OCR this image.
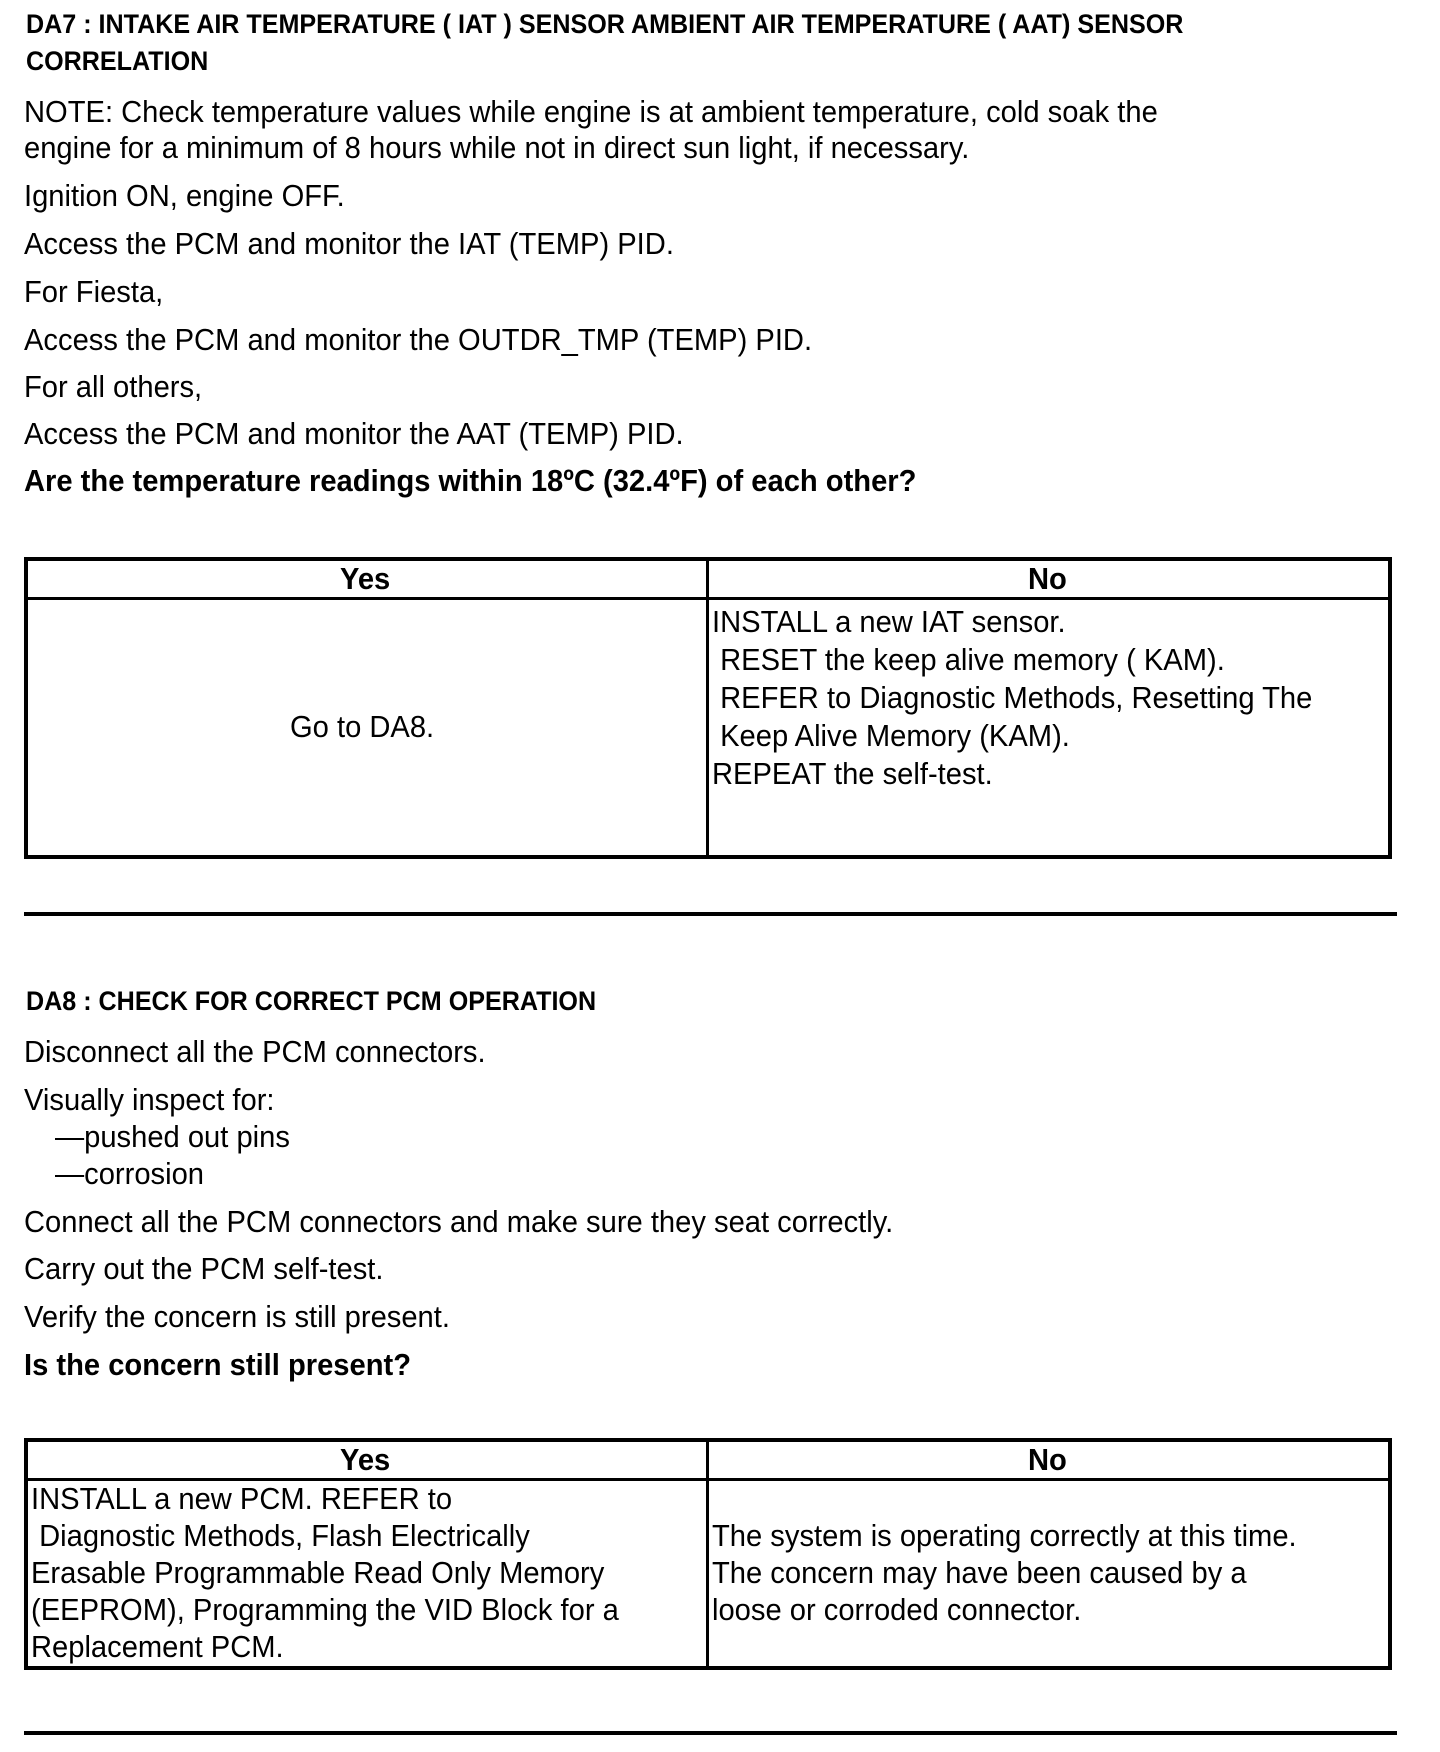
DA7 : INTAKE AIR TEMPERATURE ( IAT ) SENSOR AMBIENT AIR TEMPERATURE ( AAT) SENSOR
CORRELATION
NOTE: Check temperature values while engine is at ambient temperature, cold soak the
engine for a minimum of 8 hours while not in direct sun light, if necessary.
Ignition ON, engine OFF.
Access the PCM and monitor the IAT (TEMP) PID.
For Fiesta,
Access the PCM and monitor the OUTDR_TMP (TEMP) PID.
For all others,
Access the PCM and monitor the AAT (TEMP) PID.
Are the temperature readings within 18ºC (32.4ºF) of each other?
Yes	No
Go to DA8.	INSTALL a new IAT sensor.  RESET the keep alive memory ( KAM).  REFER to Diagnostic Methods, Resetting The  Keep Alive Memory (KAM). REPEAT the self-test.
DA8 : CHECK FOR CORRECT PCM OPERATION
Disconnect all the PCM connectors.
Visually inspect for:
—pushed out pins
—corrosion
Connect all the PCM connectors and make sure they seat correctly.
Carry out the PCM self-test.
Verify the concern is still present.
Is the concern still present?
Yes	No
INSTALL a new PCM. REFER to  Diagnostic Methods, Flash Electrically Erasable Programmable Read Only Memory (EEPROM), Programming the VID Block for a Replacement PCM.	The system is operating correctly at this time. The concern may have been caused by a loose or corroded connector.
